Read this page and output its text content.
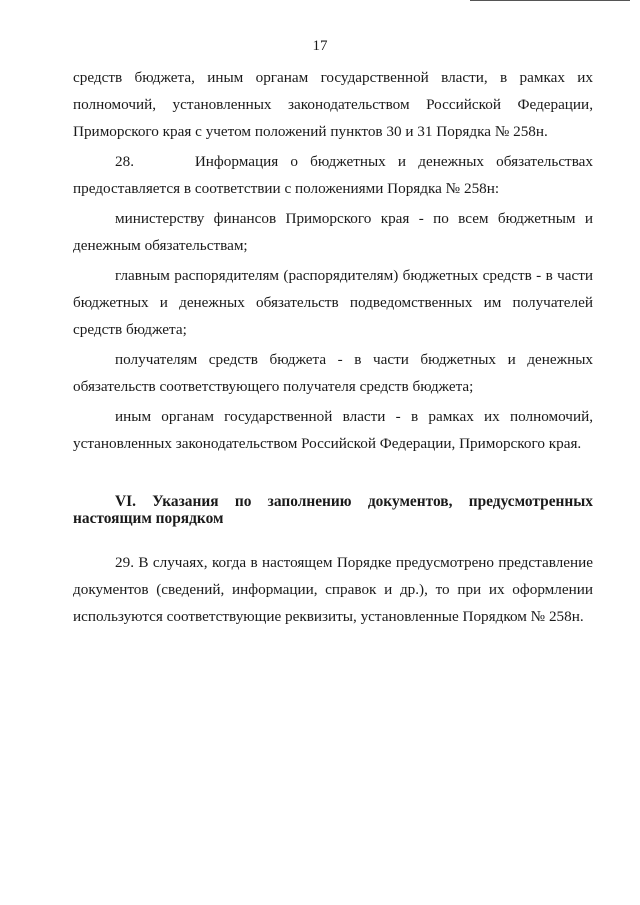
17

средств бюджета, иным органам государственной власти, в рамках их полномочий, установленных законодательством Российской Федерации, Приморского края с учетом положений пунктов 30 и 31 Порядка № 258н.

28.     Информация о бюджетных и денежных обязательствах предоставляется в соответствии с положениями Порядка № 258н:

министерству финансов Приморского края - по всем бюджетным и денежным обязательствам;

главным распорядителям (распорядителям) бюджетных средств - в части бюджетных и денежных обязательств подведомственных им получателей средств бюджета;

получателям средств бюджета - в части бюджетных и денежных обязательств соответствующего получателя средств бюджета;

иным органам государственной власти - в рамках их полномочий, установленных законодательством Российской Федерации, Приморского края.

VI. Указания по заполнению документов, предусмотренных настоящим порядком

29. В случаях, когда в настоящем Порядке предусмотрено представление документов (сведений, информации, справок и др.), то при их оформлении используются соответствующие реквизиты, установленные Порядком № 258н.
